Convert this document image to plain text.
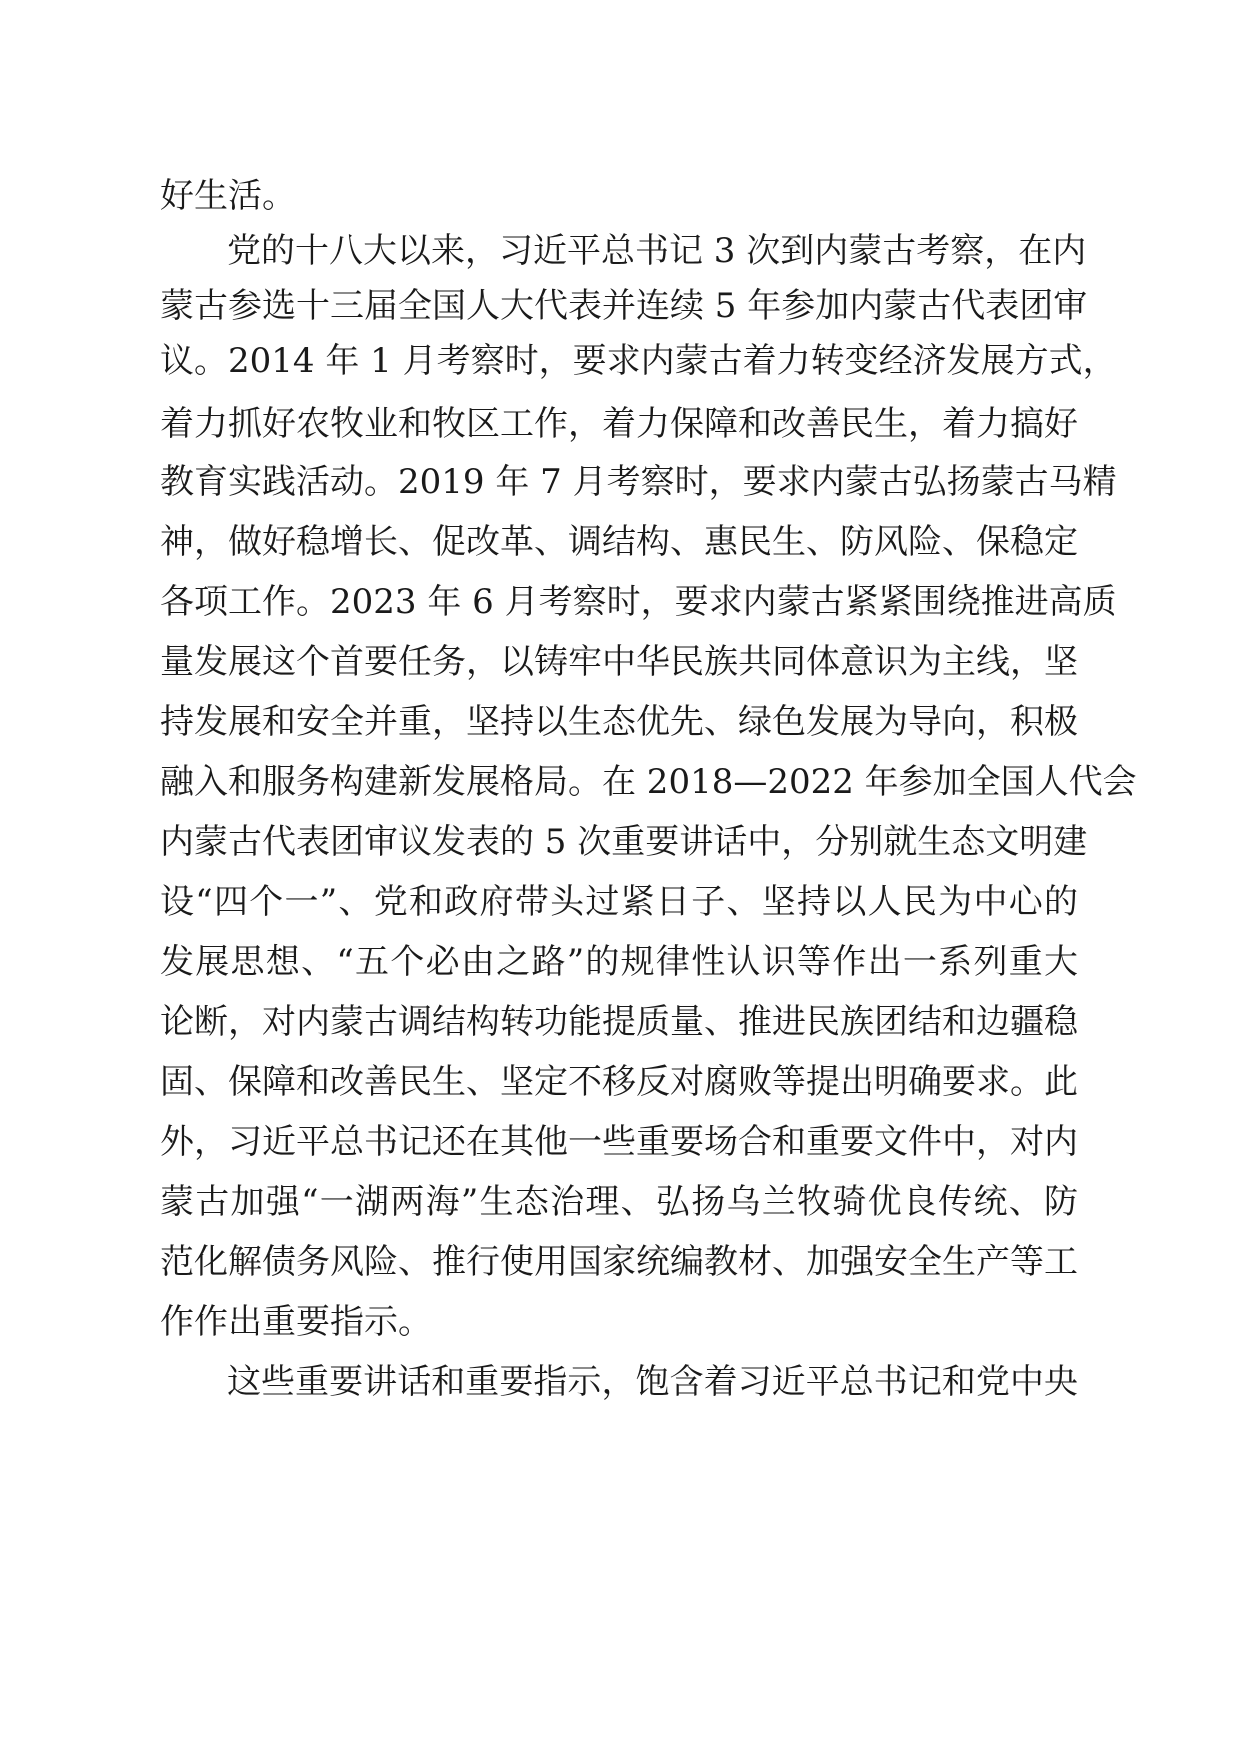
好生活。
党的十八大以来，习近平总书记 3 次到内蒙古考察，在内
蒙古参选十三届全国人大代表并连续 5 年参加内蒙古代表团审
议。2014 年 1 月考察时，要求内蒙古着力转变经济发展方式，
着力抓好农牧业和牧区工作，着力保障和改善民生，着力搞好
教育实践活动。2019 年 7 月考察时，要求内蒙古弘扬蒙古马精
神，做好稳增长、促改革、调结构、惠民生、防风险、保稳定
各项工作。2023 年 6 月考察时，要求内蒙古紧紧围绕推进高质
量发展这个首要任务，以铸牢中华民族共同体意识为主线，坚
持发展和安全并重，坚持以生态优先、绿色发展为导向，积极
融入和服务构建新发展格局。在 2018—2022 年参加全国人代会
内蒙古代表团审议发表的 5 次重要讲话中，分别就生态文明建
设“四个一”、党和政府带头过紧日子、坚持以人民为中心的
发展思想、“五个必由之路”的规律性认识等作出一系列重大
论断，对内蒙古调结构转功能提质量、推进民族团结和边疆稳
固、保障和改善民生、坚定不移反对腐败等提出明确要求。此
外，习近平总书记还在其他一些重要场合和重要文件中，对内
蒙古加强“一湖两海”生态治理、弘扬乌兰牧骑优良传统、防
范化解债务风险、推行使用国家统编教材、加强安全生产等工
作作出重要指示。
这些重要讲话和重要指示，饱含着习近平总书记和党中央
